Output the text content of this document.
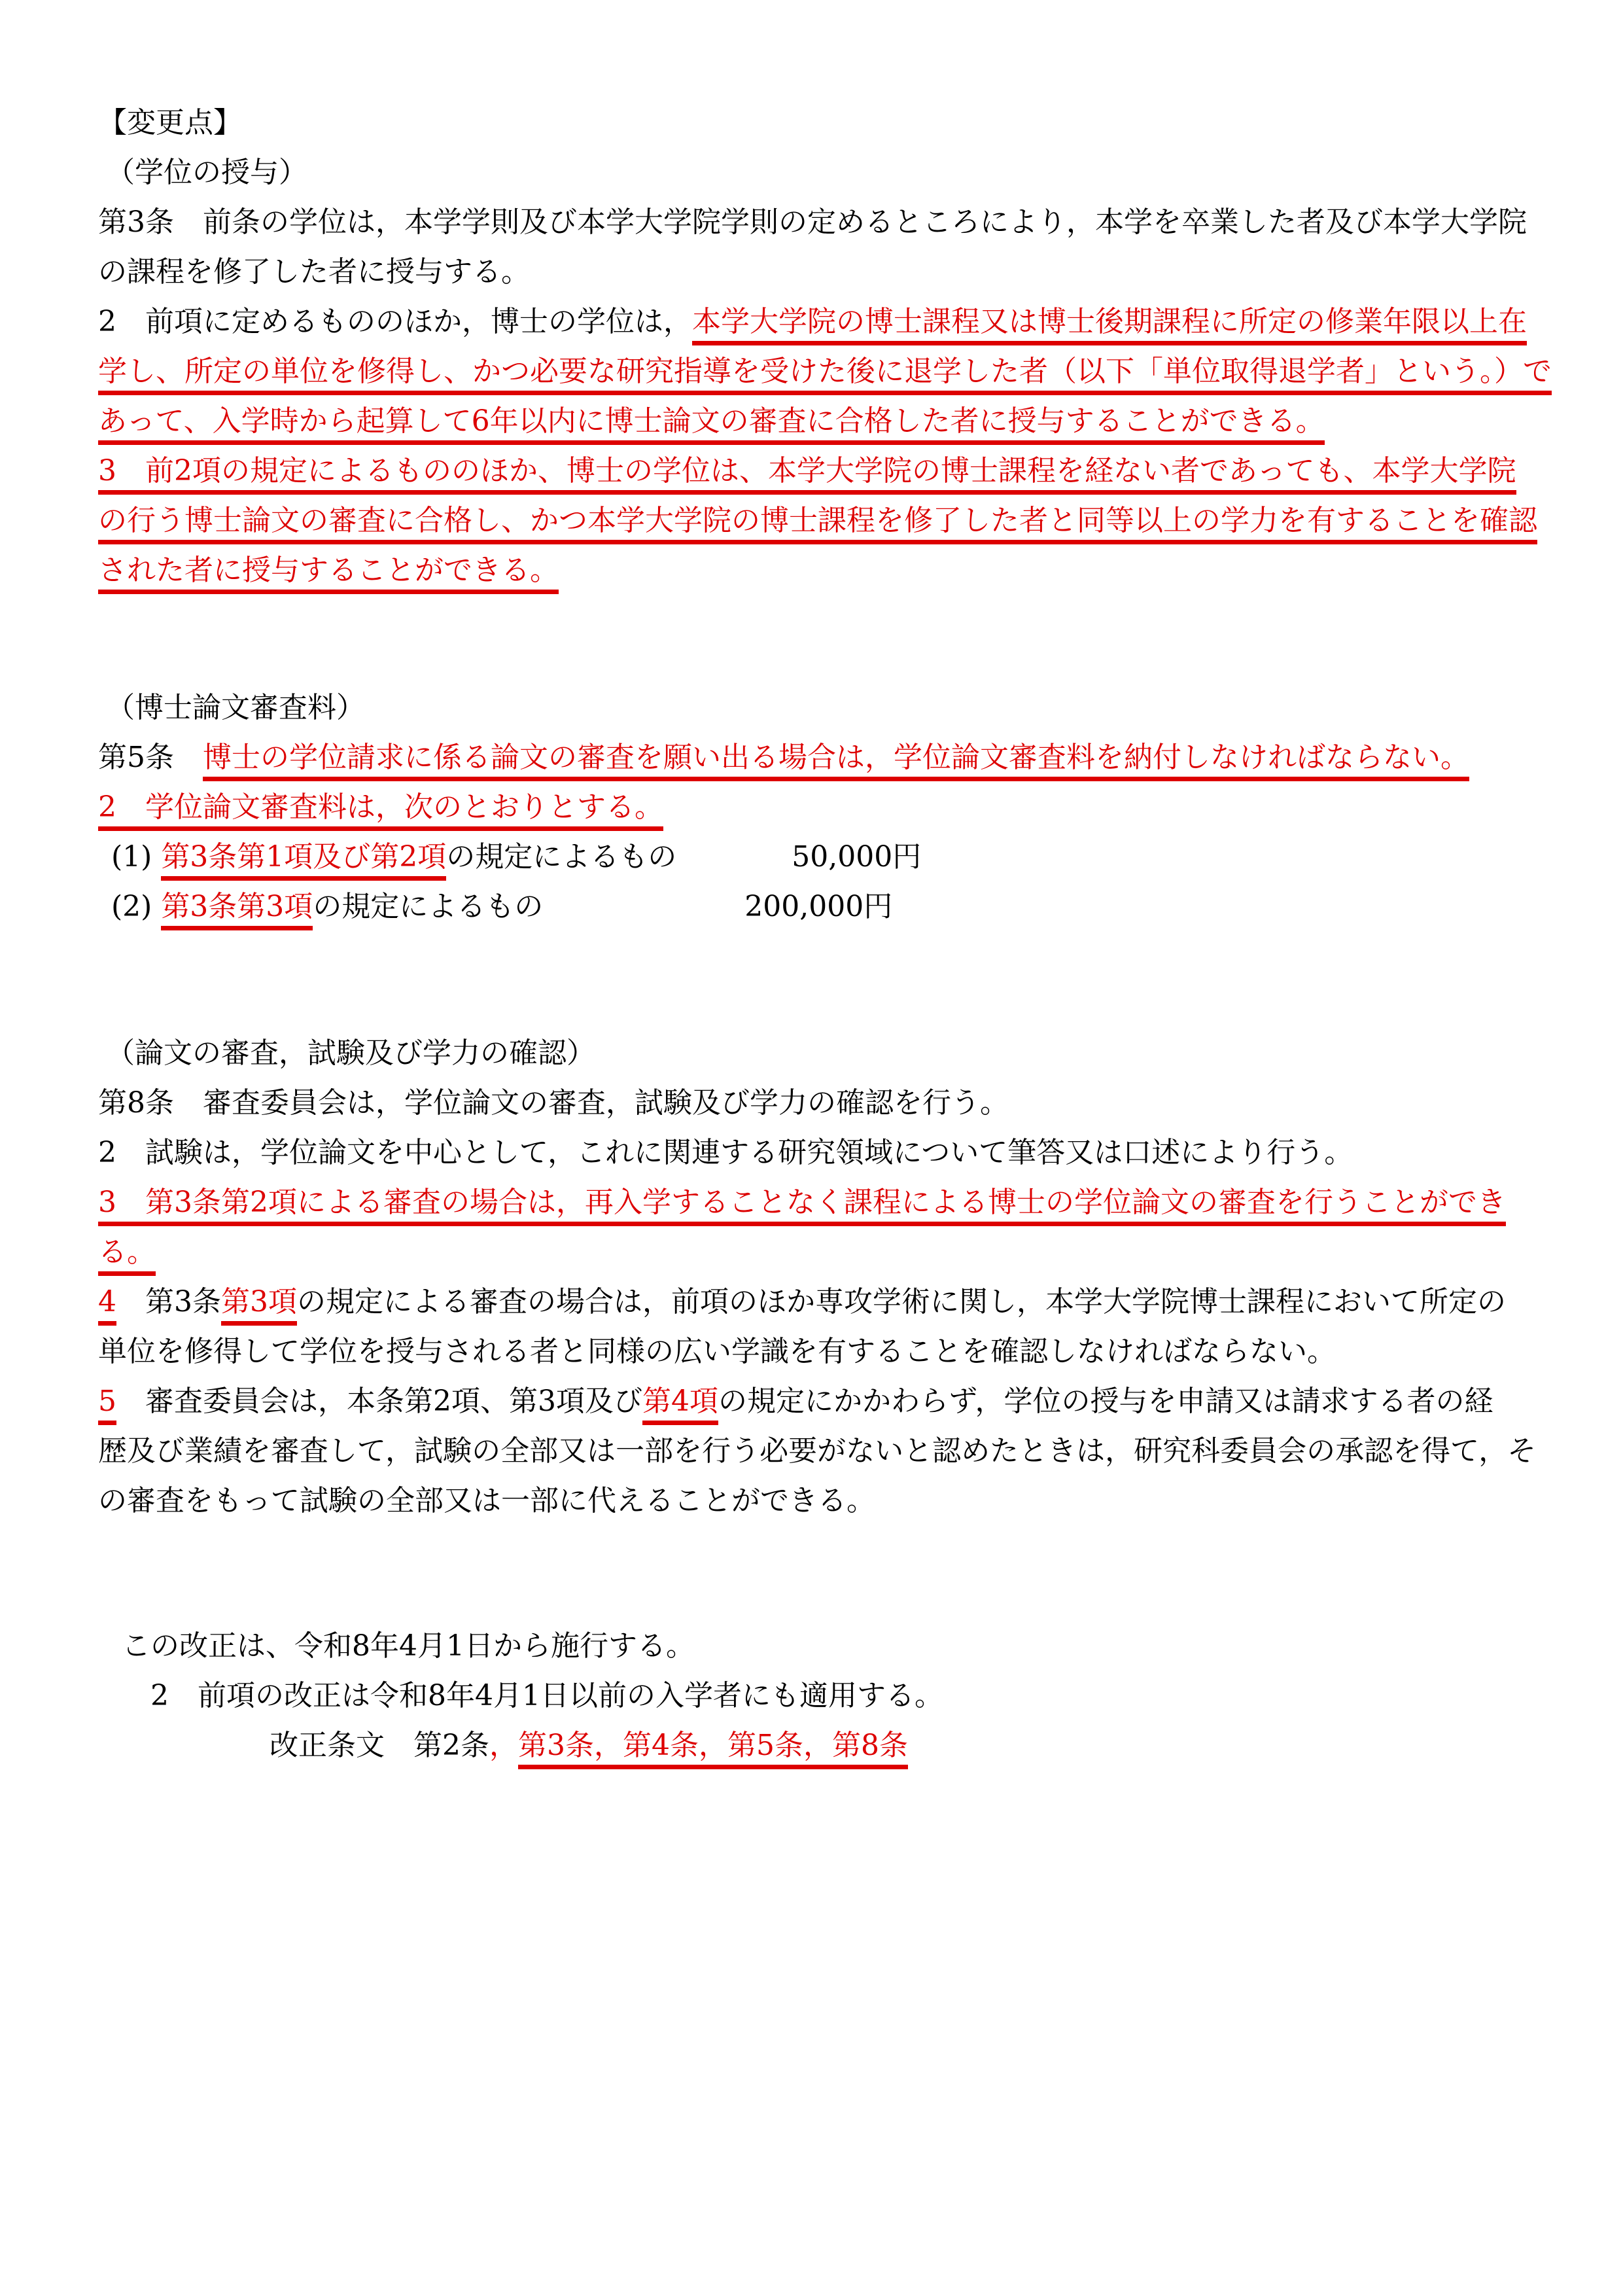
【変更点】
（学位の授与）
第3条　前条の学位は，本学学則及び本学大学院学則の定めるところにより，本学を卒業した者及び本学大学院
の課程を修了した者に授与する。
2　前項に定めるもののほか，博士の学位は，本学大学院の博士課程又は博士後期課程に所定の修業年限以上在
学し、所定の単位を修得し、かつ必要な研究指導を受けた後に退学した者（以下「単位取得退学者」という。）で
あって、入学時から起算して6年以内に博士論文の審査に合格した者に授与することができる。
3　前2項の規定によるもののほか、博士の学位は、本学大学院の博士課程を経ない者であっても、本学大学院
の行う博士論文の審査に合格し、かつ本学大学院の博士課程を修了した者と同等以上の学力を有することを確認
された者に授与することができる。
（博士論文審査料）
第5条　博士の学位請求に係る論文の審査を願い出る場合は，学位論文審査料を納付しなければならない。
2　学位論文審査料は，次のとおりとする。
(1) 第3条第1項及び第2項の規定によるもの　　　　50,000円
(2) 第3条第3項の規定によるもの　　　　　　　200,000円
（論文の審査，試験及び学力の確認）
第8条　審査委員会は，学位論文の審査，試験及び学力の確認を行う。
2　試験は，学位論文を中心として，これに関連する研究領域について筆答又は口述により行う。
3　第3条第2項による審査の場合は，再入学することなく課程による博士の学位論文の審査を行うことができ
る。
4　第3条第3項の規定による審査の場合は，前項のほか専攻学術に関し，本学大学院博士課程において所定の
単位を修得して学位を授与される者と同様の広い学識を有することを確認しなければならない。
5　審査委員会は，本条第2項、第3項及び第4項の規定にかかわらず，学位の授与を申請又は請求する者の経
歴及び業績を審査して，試験の全部又は一部を行う必要がないと認めたときは，研究科委員会の承認を得て，そ
の審査をもって試験の全部又は一部に代えることができる。
この改正は、令和8年4月1日から施行する。
2　前項の改正は令和8年4月1日以前の入学者にも適用する。
改正条文　第2条，第3条，第4条，第5条，第8条
